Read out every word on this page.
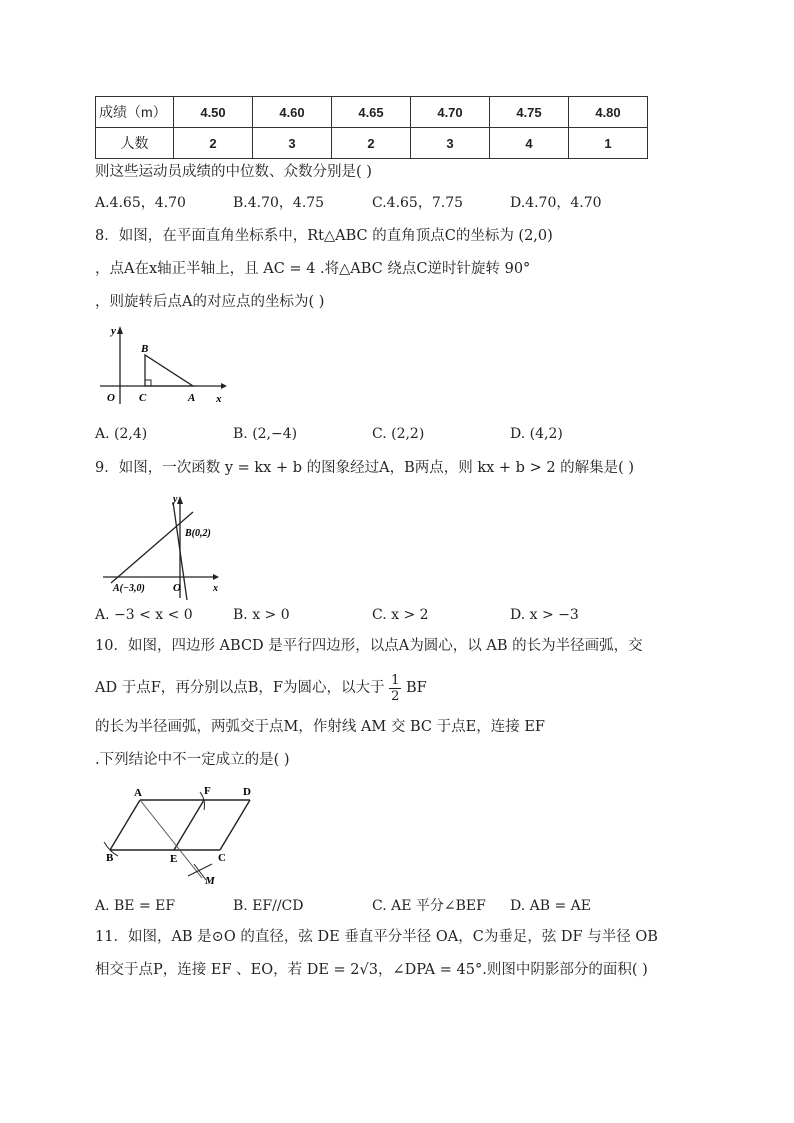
成绩（m）	4.50	4.60	4.65	4.70	4.75	4.80
人数	2	3	2	3	4	1
则这些运动员成绩的中位数、众数分别是( )
A.4.65，4.70	B.4.70，4.75	C.4.65，7.75	D.4.70，4.70
8．如图，在平面直角坐标系中，Rt△ABC 的直角顶点C的坐标为 (2,0)
，点A在x轴正半轴上，且 AC = 4 .将△ABC 绕点C逆时针旋转 90°
，则旋转后点A的对应点的坐标为( )
y
x
O
B
C	A
A. (2,4)	B. (2,−4)	C. (2,2)	D. (4,2)
9．如图，一次函数 y = kx + b 的图象经过A，B两点，则 kx + b > 2 的解集是( )
y
x
O
A(−3,0)
B(0,2)
A. −3 < x < 0	B. x > 0	C. x > 2	D. x > −3
10．如图，四边形 ABCD 是平行四边形，以点A为圆心，以 AB 的长为半径画弧，交
AD 于点F，再分别以点B，F为圆心，以大于 $\frac{1}{2}$ BF
的长为半径画弧，两弧交于点M，作射线 AM 交 BC 于点E，连接 EF
.下列结论中不一定成立的是( )
A	F	D
B	E	C
M
A. BE = EF	B. EF//CD	C. AE 平分∠BEF D. AB = AE
11．如图，AB 是⊙O 的直径，弦 DE 垂直平分半径 OA，C为垂足，弦 DF 与半径 OB
相交于点P，连接 EF 、EO，若 DE = 2√3，∠DPA = 45°.则图中阴影部分的面积( )
